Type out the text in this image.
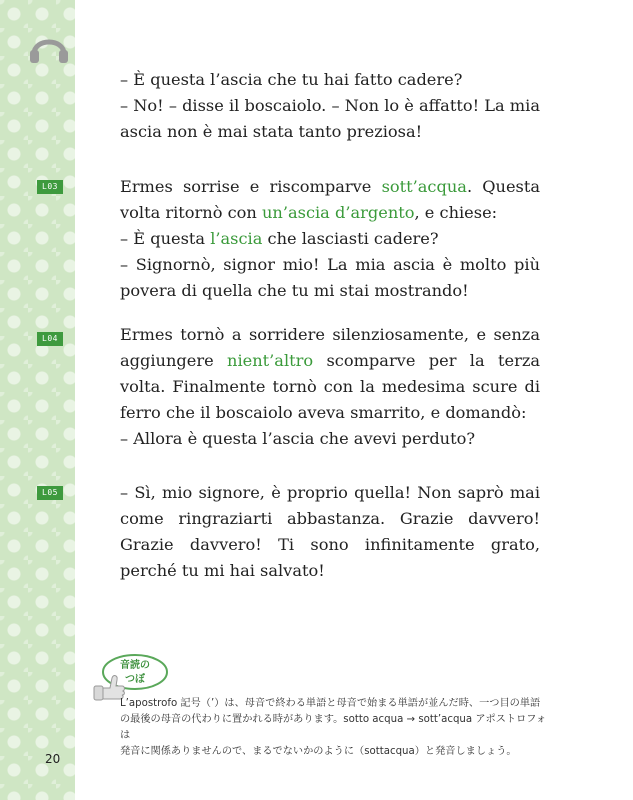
– È questa l’ascia che tu hai fatto cadere?

– No! – disse il boscaiolo. – Non lo è affatto! La mia ascia non è mai stata tanto preziosa!

L03	Ermes sorrise e riscomparve sott’acqua. Questa volta ritornò con un’ascia d’argento, e chiese:

– È questa l’ascia che lasciasti cadere?

– Signornò, signor mio! La mia ascia è molto più povera di quella che tu mi stai mostrando!

L04	Ermes tornò a sorridere silenziosamente, e senza aggiungere nient’altro scomparve per la terza volta. Finalmente tornò con la medesima scure di ferro che il boscaiolo aveva smarrito, e domandò:

– Allora è questa l’ascia che avevi perduto?

L05	– Sì, mio signore, è proprio quella! Non saprò mai come ringraziarti abbastanza. Grazie davvero! Grazie davvero! Ti sono infinitamente grato, perché tu mi hai salvato!

音読の
つぼ
L’apostrofo 記号（’）は、母音で終わる単語と母音で始まる単語が並んだ時、一つ目の単語
の最後の母音の代わりに置かれる時があります。sotto acqua → sott’acqua アポストロフォは
発音に関係ありませんので、まるでないかのように（sottacqua）と発音しましょう。
20
